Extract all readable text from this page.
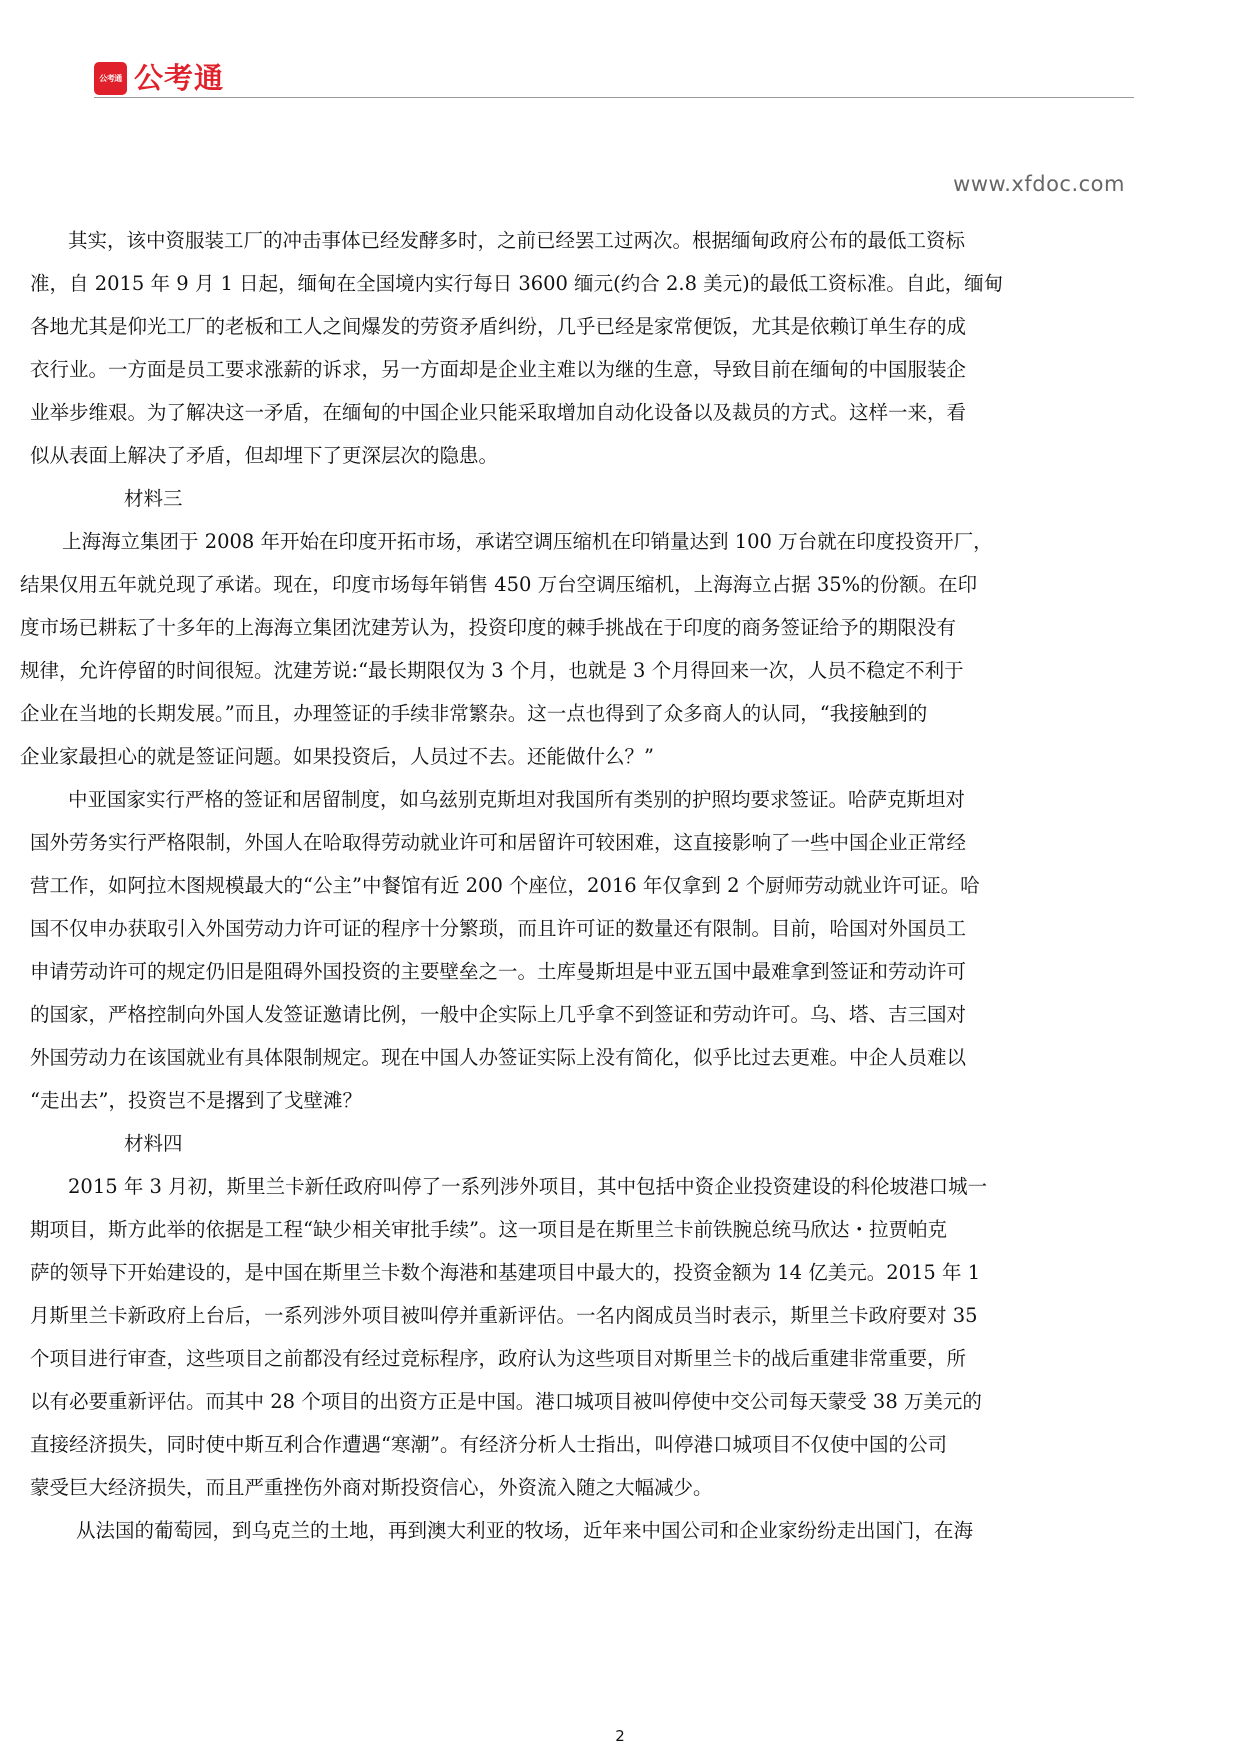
公考通 公考通
www.xfdoc.com
其实，该中资服装工厂的冲击事体已经发酵多时，之前已经罢工过两次。根据缅甸政府公布的最低工资标
准，自 2015 年 9 月 1 日起，缅甸在全国境内实行每日 3600 缅元(约合 2.8 美元)的最低工资标准。自此，缅甸
各地尤其是仰光工厂的老板和工人之间爆发的劳资矛盾纠纷，几乎已经是家常便饭，尤其是依赖订单生存的成
衣行业。一方面是员工要求涨薪的诉求，另一方面却是企业主难以为继的生意，导致目前在缅甸的中国服装企
业举步维艰。为了解决这一矛盾，在缅甸的中国企业只能采取增加自动化设备以及裁员的方式。这样一来，看
似从表面上解决了矛盾，但却埋下了更深层次的隐患。
材料三
上海海立集团于 2008 年开始在印度开拓市场，承诺空调压缩机在印销量达到 100 万台就在印度投资开厂，
结果仅用五年就兑现了承诺。现在，印度市场每年销售 450 万台空调压缩机，上海海立占据 35%的份额。在印
度市场已耕耘了十多年的上海海立集团沈建芳认为，投资印度的棘手挑战在于印度的商务签证给予的期限没有
规律，允许停留的时间很短。沈建芳说:“最长期限仅为 3 个月，也就是 3 个月得回来一次，人员不稳定不利于
企业在当地的长期发展。”而且，办理签证的手续非常繁杂。这一点也得到了众多商人的认同，“我接触到的
企业家最担心的就是签证问题。如果投资后，人员过不去。还能做什么？”
中亚国家实行严格的签证和居留制度，如乌兹别克斯坦对我国所有类别的护照均要求签证。哈萨克斯坦对
国外劳务实行严格限制，外国人在哈取得劳动就业许可和居留许可较困难，这直接影响了一些中国企业正常经
营工作，如阿拉木图规模最大的“公主”中餐馆有近 200 个座位，2016 年仅拿到 2 个厨师劳动就业许可证。哈
国不仅申办获取引入外国劳动力许可证的程序十分繁琐，而且许可证的数量还有限制。目前，哈国对外国员工
申请劳动许可的规定仍旧是阻碍外国投资的主要壁垒之一。土库曼斯坦是中亚五国中最难拿到签证和劳动许可
的国家，严格控制向外国人发签证邀请比例，一般中企实际上几乎拿不到签证和劳动许可。乌、塔、吉三国对
外国劳动力在该国就业有具体限制规定。现在中国人办签证实际上没有简化，似乎比过去更难。中企人员难以
“走出去”，投资岂不是撂到了戈壁滩？
材料四
2015 年 3 月初，斯里兰卡新任政府叫停了一系列涉外项目，其中包括中资企业投资建设的科伦坡港口城一
期项目，斯方此举的依据是工程“缺少相关审批手续”。这一项目是在斯里兰卡前铁腕总统马欣达・拉贾帕克
萨的领导下开始建设的，是中国在斯里兰卡数个海港和基建项目中最大的，投资金额为 14 亿美元。2015 年 1
月斯里兰卡新政府上台后，一系列涉外项目被叫停并重新评估。一名内阁成员当时表示，斯里兰卡政府要对 35
个项目进行审查，这些项目之前都没有经过竞标程序，政府认为这些项目对斯里兰卡的战后重建非常重要，所
以有必要重新评估。而其中 28 个项目的出资方正是中国。港口城项目被叫停使中交公司每天蒙受 38 万美元的
直接经济损失，同时使中斯互利合作遭遇“寒潮”。有经济分析人士指出，叫停港口城项目不仅使中国的公司
蒙受巨大经济损失，而且严重挫伤外商对斯投资信心，外资流入随之大幅减少。
从法国的葡萄园，到乌克兰的土地，再到澳大利亚的牧场，近年来中国公司和企业家纷纷走出国门，在海
2
